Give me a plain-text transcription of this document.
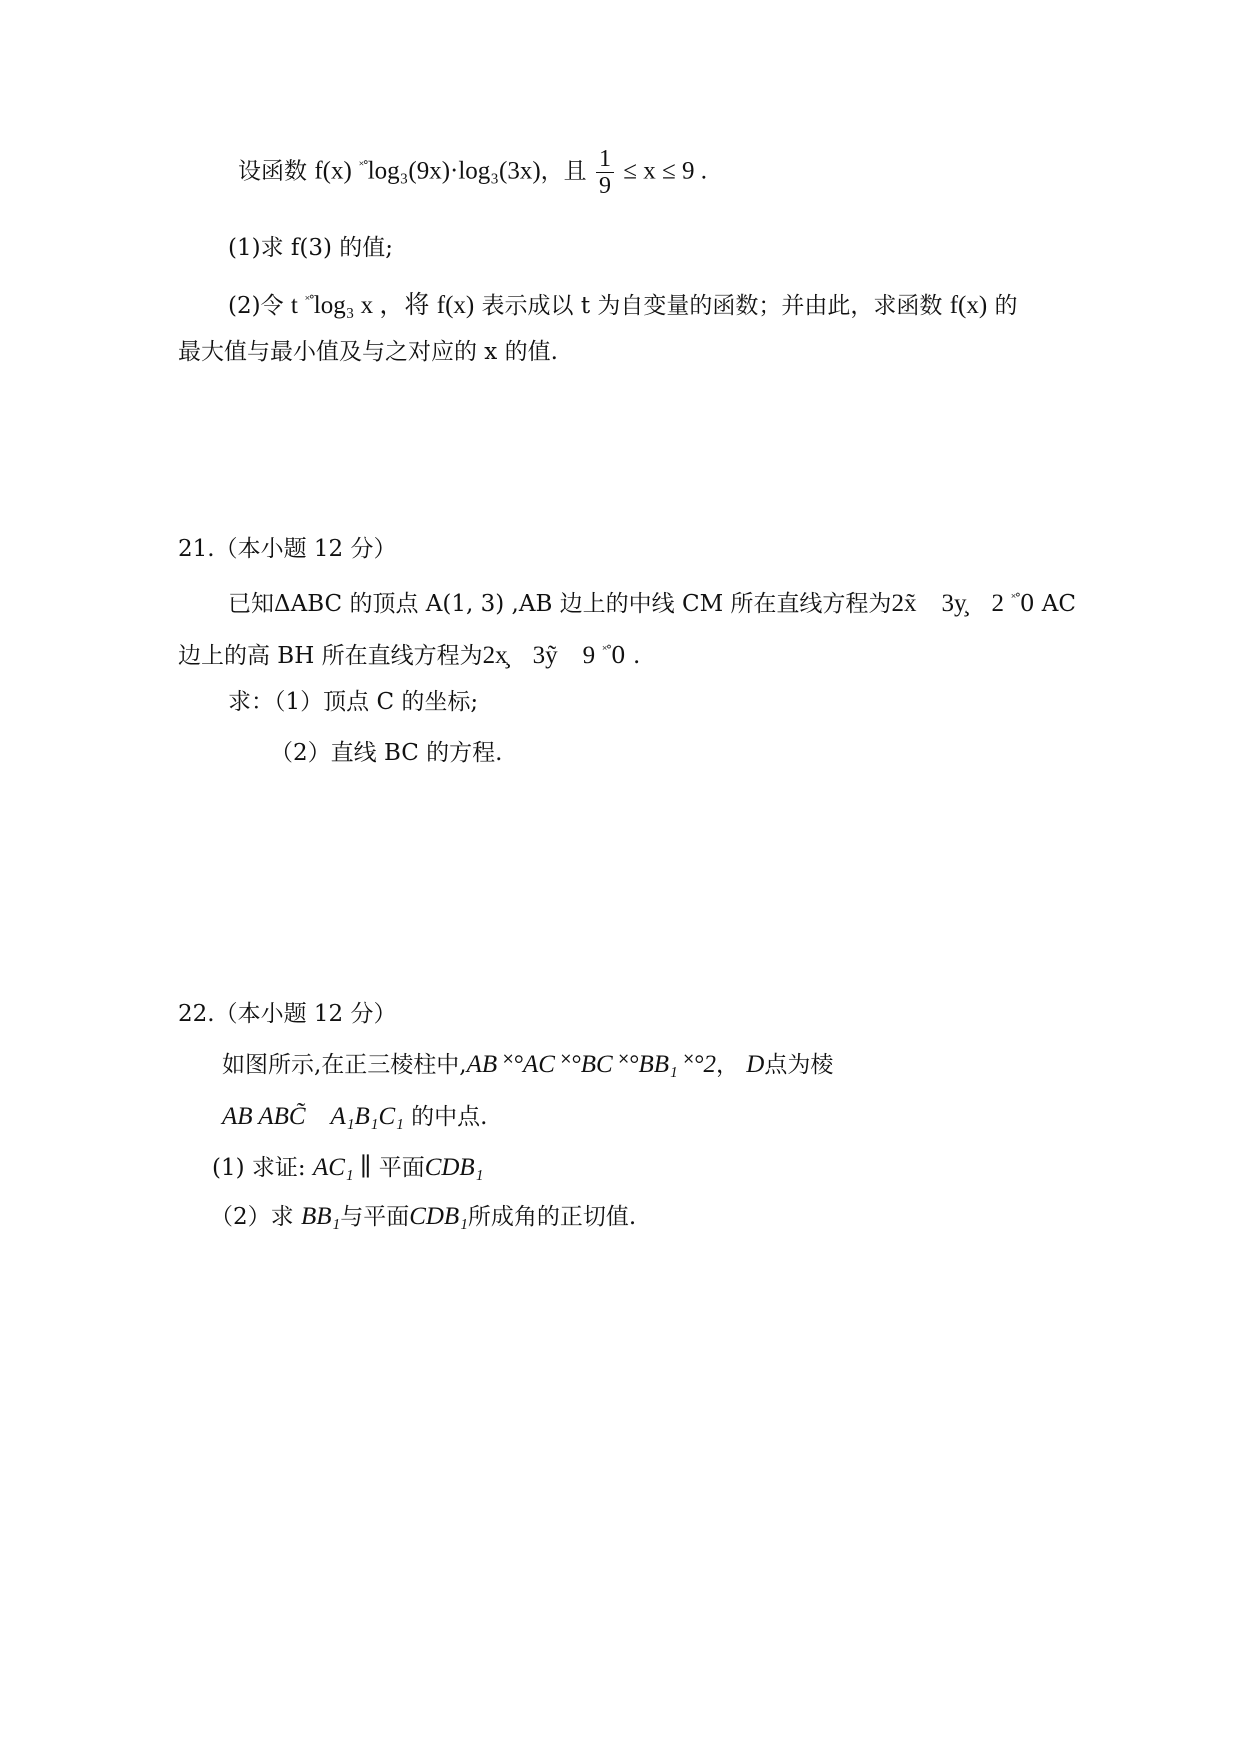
设函数 f(x) ˟°log₃(9x)·log₃(3x)，且 $\frac{1}{9} \le x \le 9$ .
(1)求 f(3) 的值;
(2)令 t ˟°log₃ x ，将 f(x) 表示成以 t 为自变量的函数；并由此，求函数 f(x) 的
最大值与最小值及与之对应的 x 的值.
21.（本小题 12 分）
已知ΔABC 的顶点 A(1, 3) ,AB 边上的中线 CM 所在直线方程为2x̃　3y̧　2 ˟°0 AC
边上的高 BH 所在直线方程为2x̧　3ỹ　9 ˟°0 .
求：（1）顶点 C 的坐标;
（2）直线 BC 的方程.
22.（本小题 12 分）
如图所示,在正三棱柱中,AB ˟°AC ˟°BC ˟°BB₁ ˟°2， D点为棱
AB ABC̃　A₁B₁C₁ 的中点.
(1) 求证: AC₁ ∥ 平面CDB₁
（2）求 BB₁与平面CDB₁所成角的正切值.
